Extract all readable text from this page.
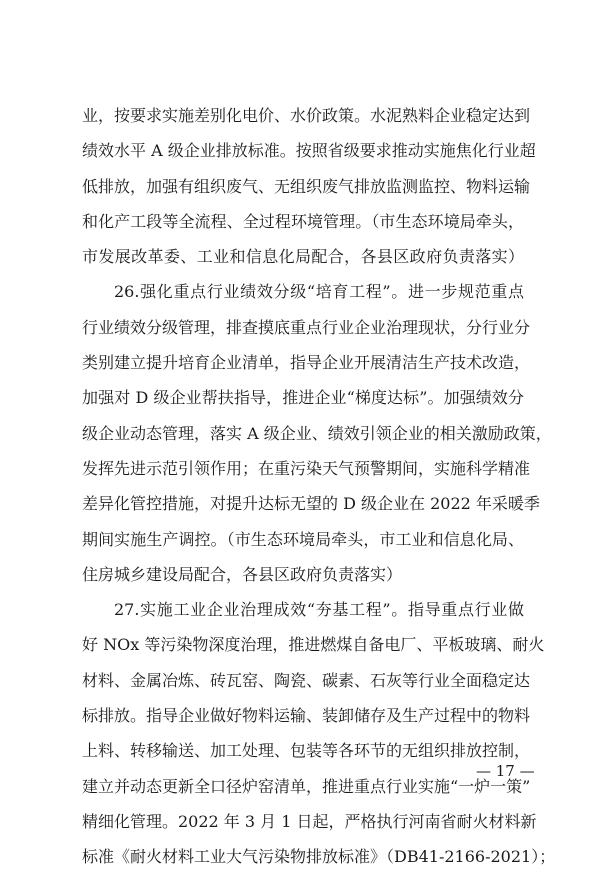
业，按要求实施差别化电价、水价政策。水泥熟料企业稳定达到
绩效水平 A 级企业排放标准。按照省级要求推动实施焦化行业超
低排放，加强有组织废气、无组织废气排放监测监控、物料运输
和化产工段等全流程、全过程环境管理。（市生态环境局牵头，
市发展改革委、工业和信息化局配合，各县区政府负责落实）
26.强化重点行业绩效分级“培育工程”。进一步规范重点
行业绩效分级管理，排查摸底重点行业企业治理现状，分行业分
类别建立提升培育企业清单，指导企业开展清洁生产技术改造，
加强对 D 级企业帮扶指导，推进企业“梯度达标”。加强绩效分
级企业动态管理，落实 A 级企业、绩效引领企业的相关激励政策，
发挥先进示范引领作用；在重污染天气预警期间，实施科学精准
差异化管控措施，对提升达标无望的 D 级企业在 2022 年采暖季
期间实施生产调控。（市生态环境局牵头，市工业和信息化局、
住房城乡建设局配合，各县区政府负责落实）
27.实施工业企业治理成效“夯基工程”。指导重点行业做
好 NOx 等污染物深度治理，推进燃煤自备电厂、平板玻璃、耐火
材料、金属冶炼、砖瓦窑、陶瓷、碳素、石灰等行业全面稳定达
标排放。指导企业做好物料运输、装卸储存及生产过程中的物料
上料、转移输送、加工处理、包装等各环节的无组织排放控制，
建立并动态更新全口径炉窑清单，推进重点行业实施“一炉一策”
精细化管理。2022 年 3 月 1 日起，严格执行河南省耐火材料新
标准《耐火材料工业大气污染物排放标准》（DB41-2166-2021）；
— 17 —
